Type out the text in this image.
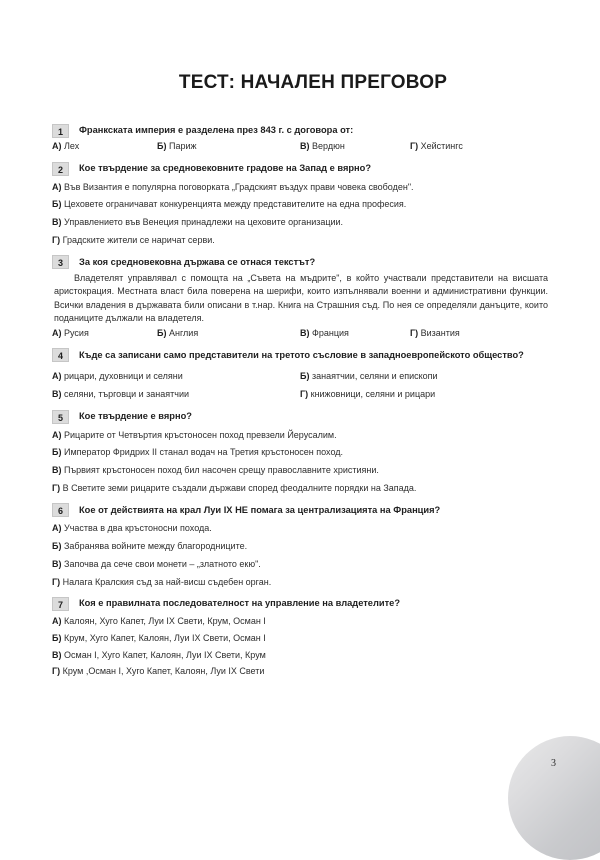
ТЕСТ: НАЧАЛЕН ПРЕГОВОР
1	Франкската империя е разделена през 843 г. с договора от:
А) Лех	Б) Париж	В) Вердюн	Г) Хейстингс
2	Кое твърдение за средновековните градове на Запад е вярно?
А) Във Византия е популярна поговорката „Градският въздух прави човека свободен".
Б) Цеховете ограничават конкуренцията между представителите на една професия.
В) Управлението във Венеция принадлежи на цеховите организации.
Г) Градските жители се наричат серви.
3	За коя средновековна държава се отнася текстът?
Владетелят управлявал с помощта на „Съвета на мъдрите", в който участвали представители на висшата аристокрация. Местната власт била поверена на шерифи, които изпълнявали военни и административни функции. Всички владения в държавата били описани в т.нар. Книга на Страшния съд. По нея се определяли данъците, които поданиците дължали на владетеля.
А) Русия	Б) Англия	В) Франция	Г) Византия
4	Къде са записани само представители на третото съсловие в западноевропейското общество?
А) рицари, духовници и селяни	Б) занаятчии, селяни и епископи
В) селяни, търговци и занаятчии	Г) книжовници, селяни и рицари
5	Кое твърдение е вярно?
А) Рицарите от Четвъртия кръстоносен поход превзели Йерусалим.
Б) Император Фридрих II станал водач на Третия кръстоносен поход.
В) Първият кръстоносен поход бил насочен срещу православните християни.
Г) В Светите земи рицарите създали държави според феодалните порядки на Запада.
6	Кое от действията на крал Луи IX НЕ помага за централизацията на Франция?
А) Участва в два кръстоносни похода.
Б) Забранява войните между благородниците.
В) Започва да сече свои монети – „златното екю".
Г) Налага Кралския съд за най-висш съдебен орган.
7	Коя е правилната последователност на управление на владетелите?
А) Калоян, Хуго Капет, Луи IX Свети, Крум, Осман I
Б) Крум, Хуго Капет, Калоян, Луи IX Свети, Осман I
В) Осман I, Хуго Капет, Калоян, Луи IX Свети, Крум
Г) Крум ,Осман I, Хуго Капет, Калоян, Луи IX Свети
3
